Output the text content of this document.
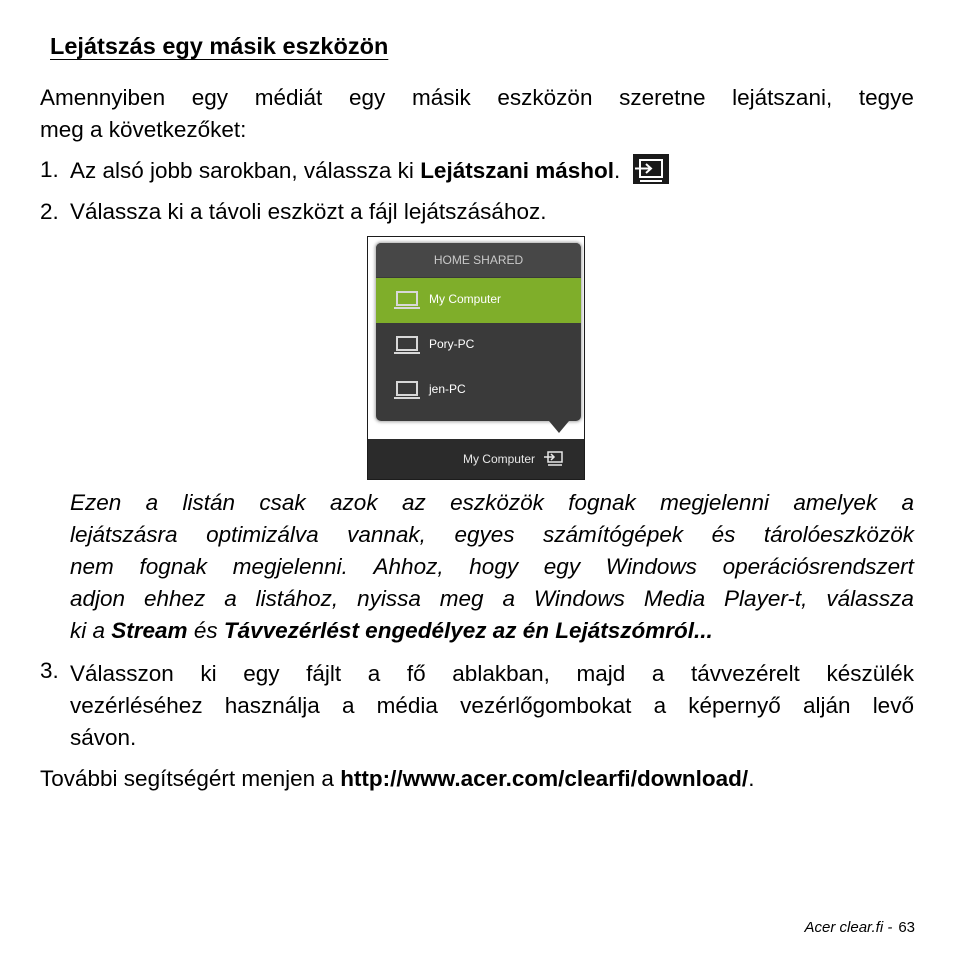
Lejátszás egy másik eszközön
Amennyiben egy médiát egy másik eszközön szeretne lejátszani, tegye
meg a következőket:
1. Az alsó jobb sarokban, válassza ki Lejátszani máshol.
2. Válassza ki a távoli eszközt a fájl lejátszásához.
HOME SHARED
My Computer
Pory-PC
jen-PC
My Computer
Ezen a listán csak azok az eszközök fognak megjelenni amelyek a
lejátszásra optimizálva vannak, egyes számítógépek és tárolóeszközök
nem fognak megjelenni. Ahhoz, hogy egy Windows operációsrendszert
adjon ehhez a listához, nyissa meg a Windows Media Player-t, válassza
ki a Stream és Távvezérlést engedélyez az én Lejátszómról...
3. Válasszon ki egy fájlt a fő ablakban, majd a távvezérelt készülék
vezérléséhez használja a média vezérlőgombokat a képernyő alján levő
sávon.
További segítségért menjen a http://www.acer.com/clearfi/download/.
Acer clear.fi - 63
